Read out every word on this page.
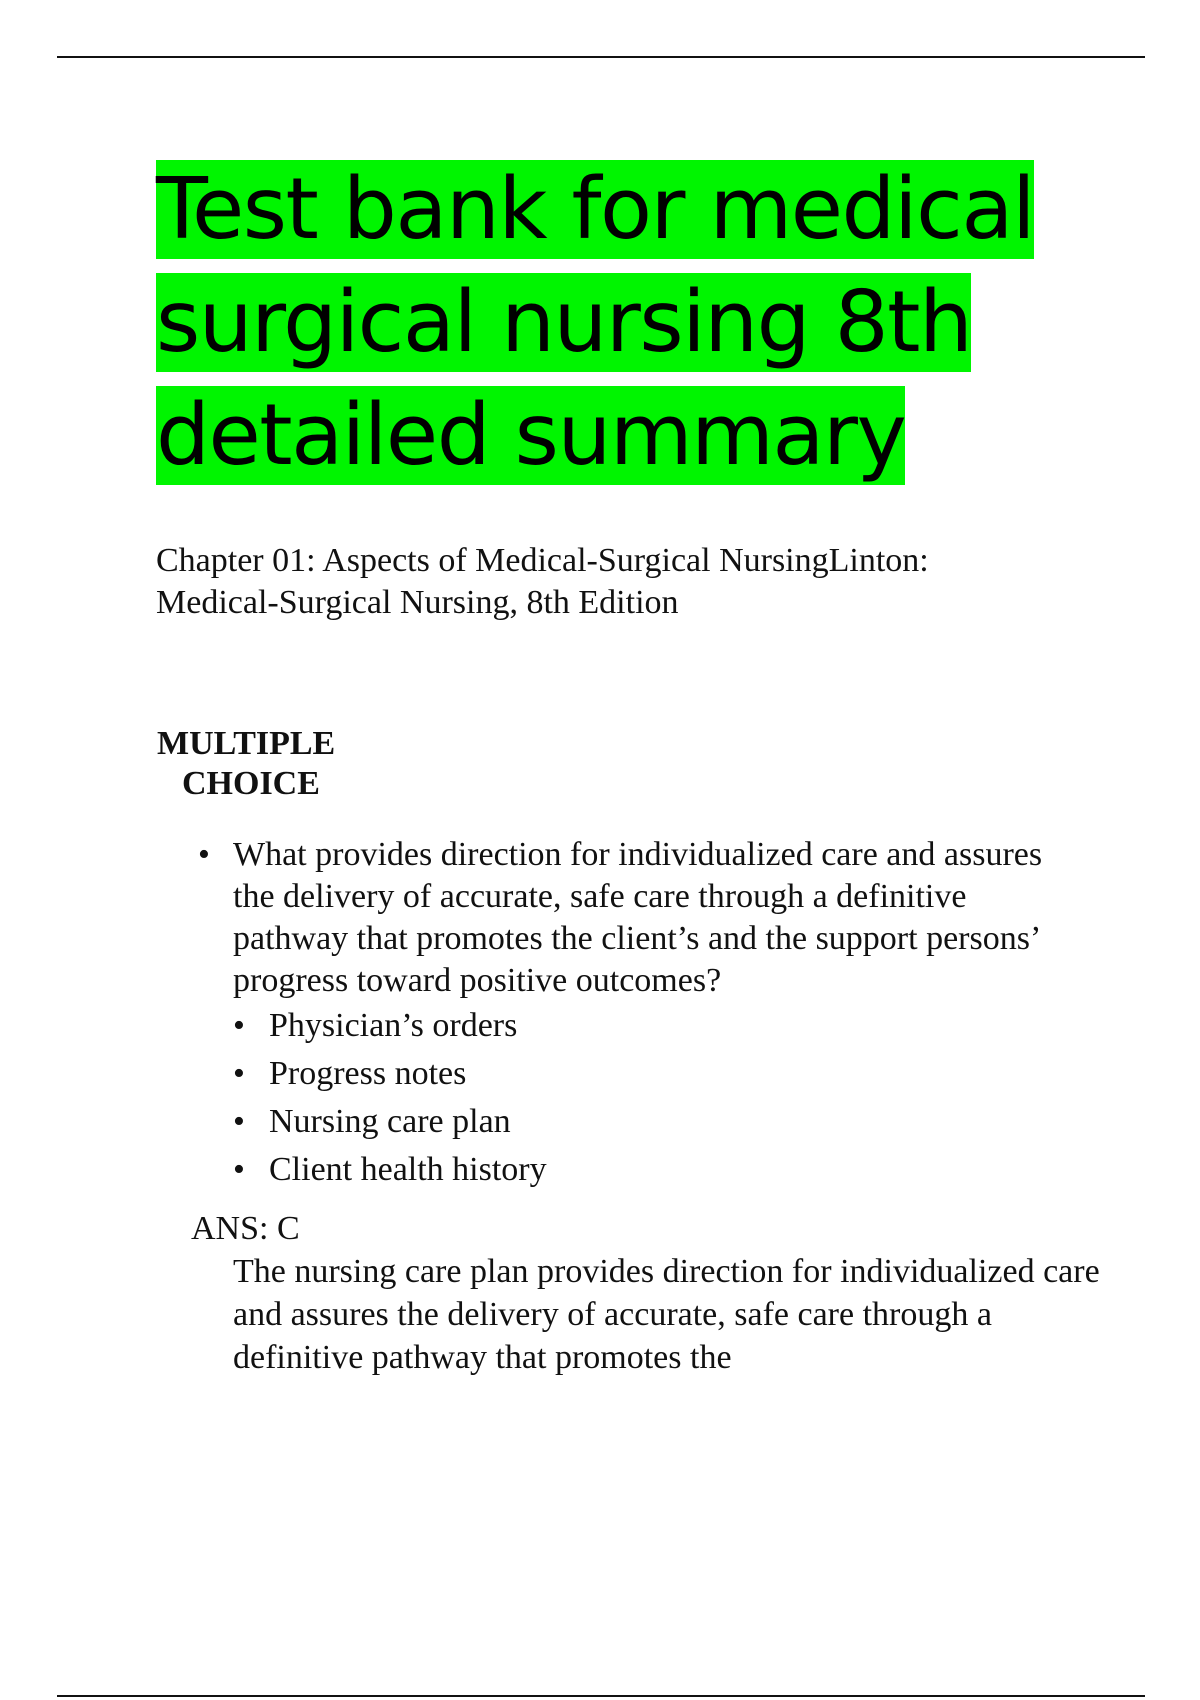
Test bank for medical surgical nursing 8th detailed summary

Chapter 01: Aspects of Medical-Surgical NursingLinton: Medical-Surgical Nursing, 8th Edition

MULTIPLE
CHOICE
• What provides direction for individualized care and assures the delivery of accurate, safe care through a definitive pathway that promotes the client’s and the support persons’ progress toward positive outcomes?
• Physician’s orders
• Progress notes
• Nursing care plan
• Client health history

ANS: C

The nursing care plan provides direction for individualized care and assures the delivery of accurate, safe care through a definitive pathway that promotes the
